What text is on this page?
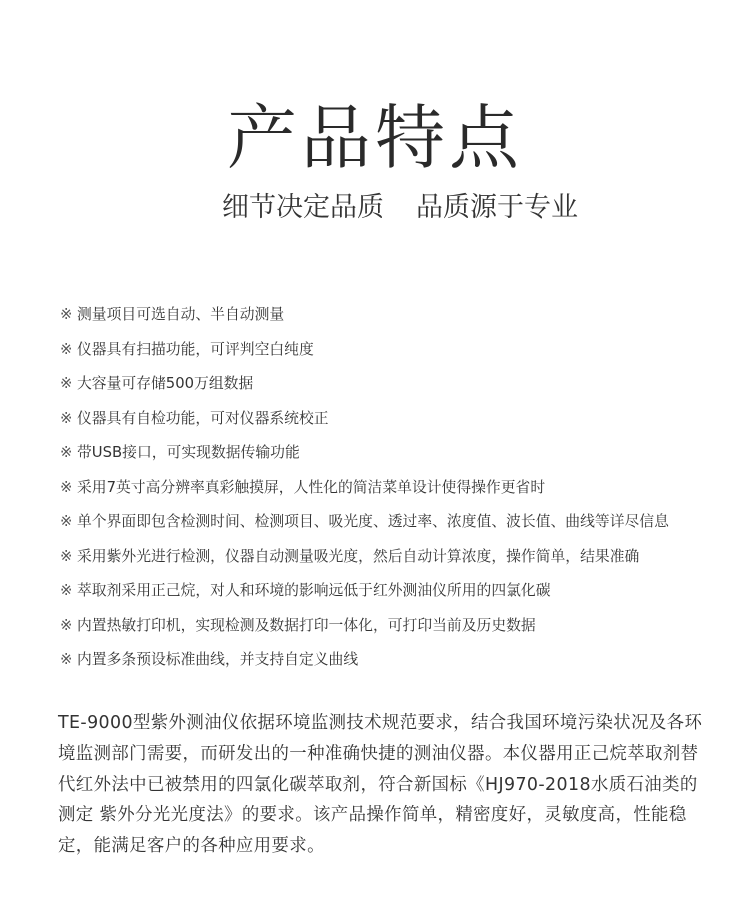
产品特点
细节决定品质 品质源于专业
※ 测量项目可选自动、半自动测量
※ 仪器具有扫描功能，可评判空白纯度
※ 大容量可存储500万组数据
※ 仪器具有自检功能，可对仪器系统校正
※ 带USB接口，可实现数据传输功能
※ 采用7英寸高分辨率真彩触摸屏，人性化的简洁菜单设计使得操作更省时
※ 单个界面即包含检测时间、检测项目、吸光度、透过率、浓度值、波长值、曲线等详尽信息
※ 采用紫外光进行检测，仪器自动测量吸光度，然后自动计算浓度，操作简单，结果准确
※ 萃取剂采用正己烷，对人和环境的影响远低于红外测油仪所用的四氯化碳
※ 内置热敏打印机，实现检测及数据打印一体化，可打印当前及历史数据
※ 内置多条预设标准曲线，并支持自定义曲线

TE-9000型紫外测油仪依据环境监测技术规范要求，结合我国环境污染状况及各环境监测部门需要，而研发出的一种准确快捷的测油仪器。本仪器用正己烷萃取剂替代红外法中已被禁用的四氯化碳萃取剂，符合新国标《HJ970-2018水质石油类的测定 紫外分光光度法》的要求。该产品操作简单，精密度好，灵敏度高，性能稳定，能满足客户的各种应用要求。
